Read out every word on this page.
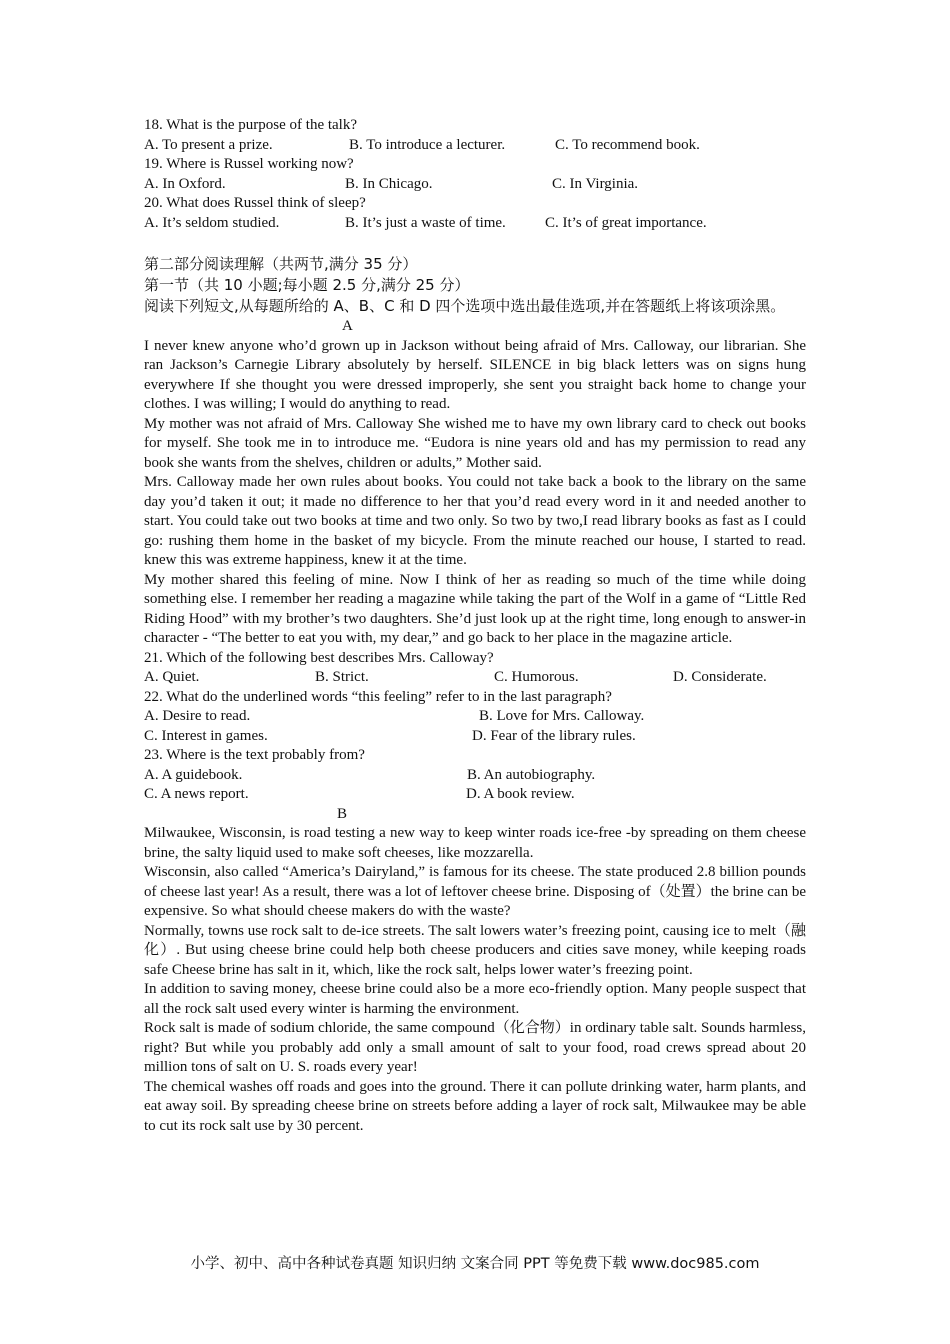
18. What is the purpose of the talk?
A. To present a prize.	B. To introduce a lecturer.	C. To recommend book.
19. Where is Russel working now?
A. In Oxford.	B. In Chicago.	C. In Virginia.
20. What does Russel think of sleep?
A. It’s seldom studied.	B. It’s just a waste of time.	C. It’s of great importance.
第二部分阅读理解（共两节,满分 35 分）
第一节（共 10 小题;每小题 2.5 分,满分 25 分）
阅读下列短文,从每题所给的 A、B、C 和 D 四个选项中选出最佳选项,并在答题纸上将该项涂黑。
A
I never knew anyone who’d grown up in Jackson without being afraid of Mrs. Calloway, our librarian. She ran Jackson’s Carnegie Library absolutely by herself. SILENCE in big black letters was on signs hung everywhere If she thought you were dressed improperly, she sent you straight back home to change your clothes. I was willing; I would do anything to read.
My mother was not afraid of Mrs. Calloway She wished me to have my own library card to check out books for myself. She took me in to introduce me. “Eudora is nine years old and has my permission to read any book she wants from the shelves, children or adults,” Mother said.
Mrs. Calloway made her own rules about books. You could not take back a book to the library on the same day you’d taken it out; it made no difference to her that you’d read every word in it and needed another to start. You could take out two books at time and two only. So two by two,I read library books as fast as I could go: rushing them home in the basket of my bicycle. From the minute reached our house, I started to read. knew this was extreme happiness, knew it at the time.
My mother shared this feeling of mine. Now I think of her as reading so much of the time while doing something else. I remember her reading a magazine while taking the part of the Wolf in a game of “Little Red Riding Hood” with my brother’s two daughters. She’d just look up at the right time, long enough to answer-in character - “The better to eat you with, my dear,” and go back to her place in the magazine article.
21. Which of the following best describes Mrs. Calloway?
A. Quiet.	B. Strict.	C. Humorous.	D. Considerate.
22. What do the underlined words “this feeling” refer to in the last paragraph?
A. Desire to read.	B. Love for Mrs. Calloway.
C. Interest in games.	D. Fear of the library rules.
23. Where is the text probably from?
A. A guidebook.	B. An autobiography.
C. A news report.	D. A book review.
B
Milwaukee, Wisconsin, is road testing a new way to keep winter roads ice-free -by spreading on them cheese brine, the salty liquid used to make soft cheeses, like mozzarella.
Wisconsin, also called “America’s Dairyland,” is famous for its cheese. The state produced 2.8 billion pounds of cheese last year! As a result, there was a lot of leftover cheese brine. Disposing of（处置）the brine can be expensive. So what should cheese makers do with the waste?
Normally, towns use rock salt to de-ice streets. The salt lowers water’s freezing point, causing ice to melt（融化）. But using cheese brine could help both cheese producers and cities save money, while keeping roads safe Cheese brine has salt in it, which, like the rock salt, helps lower water’s freezing point.
In addition to saving money, cheese brine could also be a more eco-friendly option. Many people suspect that all the rock salt used every winter is harming the environment.
Rock salt is made of sodium chloride, the same compound（化合物）in ordinary table salt. Sounds harmless, right? But while you probably add only a small amount of salt to your food, road crews spread about 20 million tons of salt on U. S. roads every year!
The chemical washes off roads and goes into the ground. There it can pollute drinking water, harm plants, and eat away soil. By spreading cheese brine on streets before adding a layer of rock salt, Milwaukee may be able to cut its rock salt use by 30 percent.
小学、初中、高中各种试卷真题 知识归纳 文案合同 PPT 等免费下载 www.doc985.com
